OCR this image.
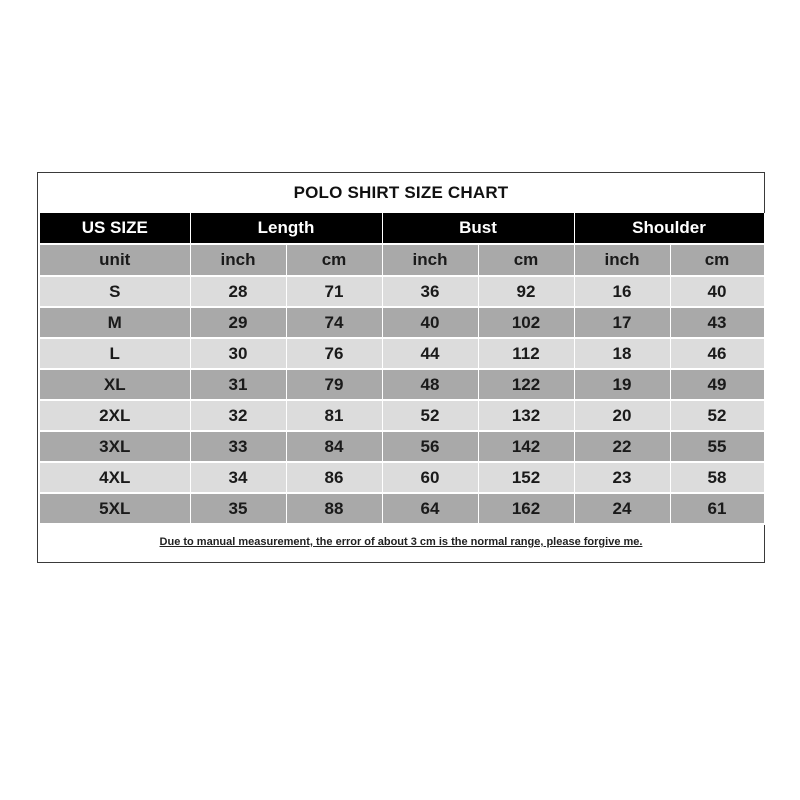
POLO SHIRT SIZE CHART
US SIZE	Length		Bust		Shoulder	
unit	inch	cm	inch	cm	inch	cm
S	28	71	36	92	16	40
M	29	74	40	102	17	43
L	30	76	44	112	18	46
XL	31	79	48	122	19	49
2XL	32	81	52	132	20	52
3XL	33	84	56	142	22	55
4XL	34	86	60	152	23	58
5XL	35	88	64	162	24	61
Due to manual measurement, the error of about 3 cm is the normal range, please forgive me.
